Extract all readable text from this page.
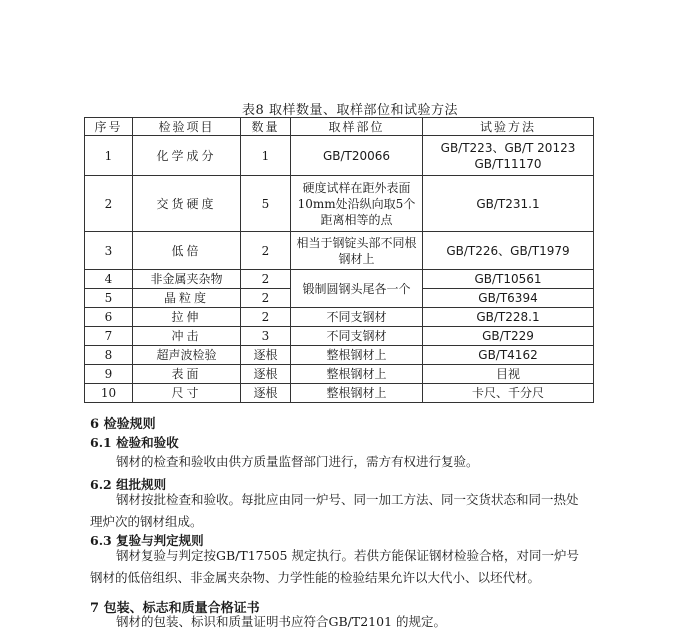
表8 取样数量、取样部位和试验方法
序号	检验项目	数量	取样部位	试验方法
1	化学成分	1	GB/T20066	GB/T223、GB/T 20123 GB/T11170
2	交货硬度	5	硬度试样在距外表面10mm处沿纵向取5个距离相等的点	GB/T231.1
3	低倍	2	相当于钢锭头部不同根钢材上	GB/T226、GB/T1979
4	非金属夹杂物	2	锻制圆钢头尾各一个	GB/T10561
5	晶粒度	2		GB/T6394
6	拉伸	2	不同支钢材	GB/T228.1
7	冲击	3	不同支钢材	GB/T229
8	超声波检验	逐根	整根钢材上	GB/T4162
9	表面	逐根	整根钢材上	目视
10	尺寸	逐根	整根钢材上	卡尺、千分尺
6 检验规则
6.1 检验和验收

钢材的检查和验收由供方质量监督部门进行，需方有权进行复验。

6.2 组批规则

钢材按批检查和验收。每批应由同一炉号、同一加工方法、同一交货状态和同一热处理炉次的钢材组成。

6.3 复验与判定规则

钢材复验与判定按GB/T17505 规定执行。若供方能保证钢材检验合格，对同一炉号钢材的低倍组织、非金属夹杂物、力学性能的检验结果允许以大代小、以坯代材。

7 包装、标志和质量合格证书

钢材的包装、标识和质量证明书应符合GB/T2101 的规定。
